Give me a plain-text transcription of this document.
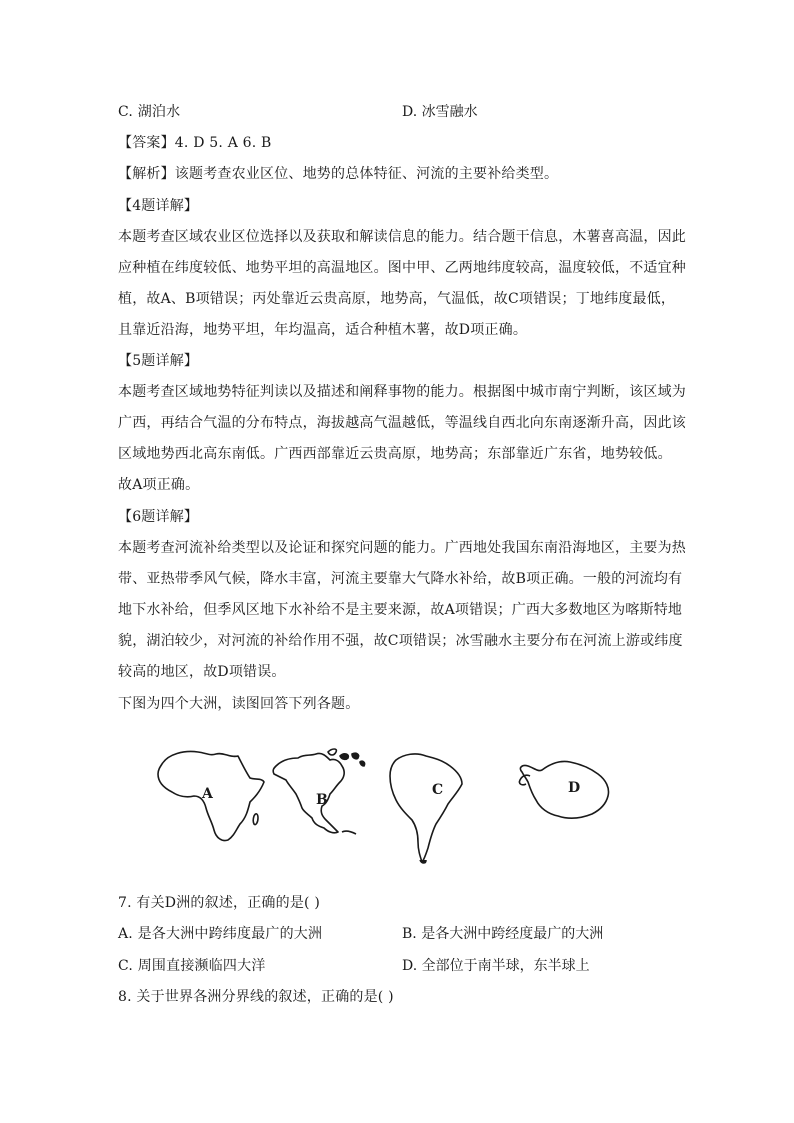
C. 湖泊水	D. 冰雪融水
【答案】4. D 5. A 6. B
【解析】该题考查农业区位、地势的总体特征、河流的主要补给类型。
【4题详解】
本题考查区域农业区位选择以及获取和解读信息的能力。结合题干信息，木薯喜高温，因此
应种植在纬度较低、地势平坦的高温地区。图中甲、乙两地纬度较高，温度较低，不适宜种
植，故A、B项错误；丙处靠近云贵高原，地势高，气温低，故C项错误；丁地纬度最低，
且靠近沿海，地势平坦，年均温高，适合种植木薯，故D项正确。
【5题详解】
本题考查区域地势特征判读以及描述和阐释事物的能力。根据图中城市南宁判断，该区域为
广西，再结合气温的分布特点，海拔越高气温越低，等温线自西北向东南逐渐升高，因此该
区域地势西北高东南低。广西西部靠近云贵高原，地势高；东部靠近广东省，地势较低。
故A项正确。
【6题详解】
本题考查河流补给类型以及论证和探究问题的能力。广西地处我国东南沿海地区，主要为热
带、亚热带季风气候，降水丰富，河流主要靠大气降水补给，故B项正确。一般的河流均有
地下水补给，但季风区地下水补给不是主要来源，故A项错误；广西大多数地区为喀斯特地
貌，湖泊较少，对河流的补给作用不强，故C项错误；冰雪融水主要分布在河流上游或纬度
较高的地区，故D项错误。
下图为四个大洲，读图回答下列各题。
A	B
C	D
7. 有关D洲的叙述，正确的是( )
A. 是各大洲中跨纬度最广的大洲	B. 是各大洲中跨经度最广的大洲
C. 周围直接濒临四大洋	D. 全部位于南半球，东半球上
8. 关于世界各洲分界线的叙述，正确的是( )
